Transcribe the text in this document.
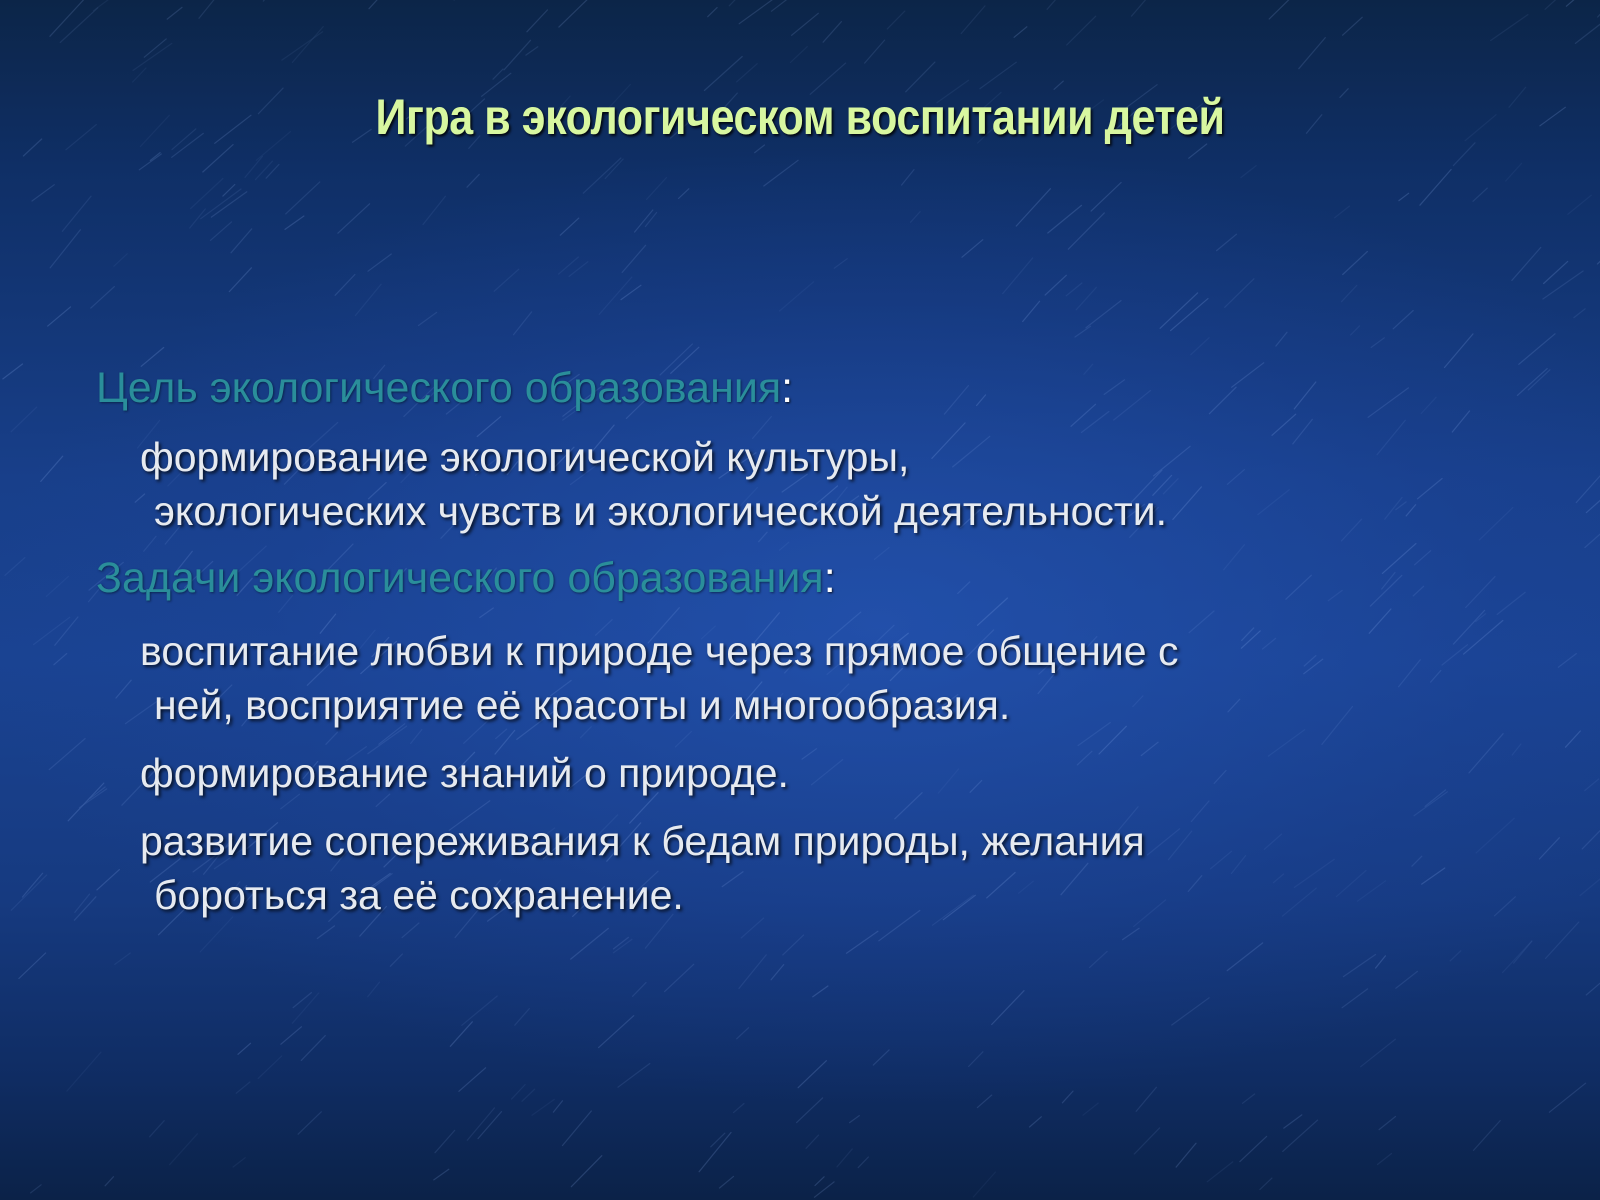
Игра в экологическом воспитании детей

Цель экологического образования:

формирование экологической культуры,
экологических чувств и экологической деятельности.

Задачи экологического образования:

воспитание любви к природе через прямое общение с
ней, восприятие её красоты и многообразия.

формирование знаний о природе.

развитие сопереживания к бедам природы, желания
бороться за её сохранение.
